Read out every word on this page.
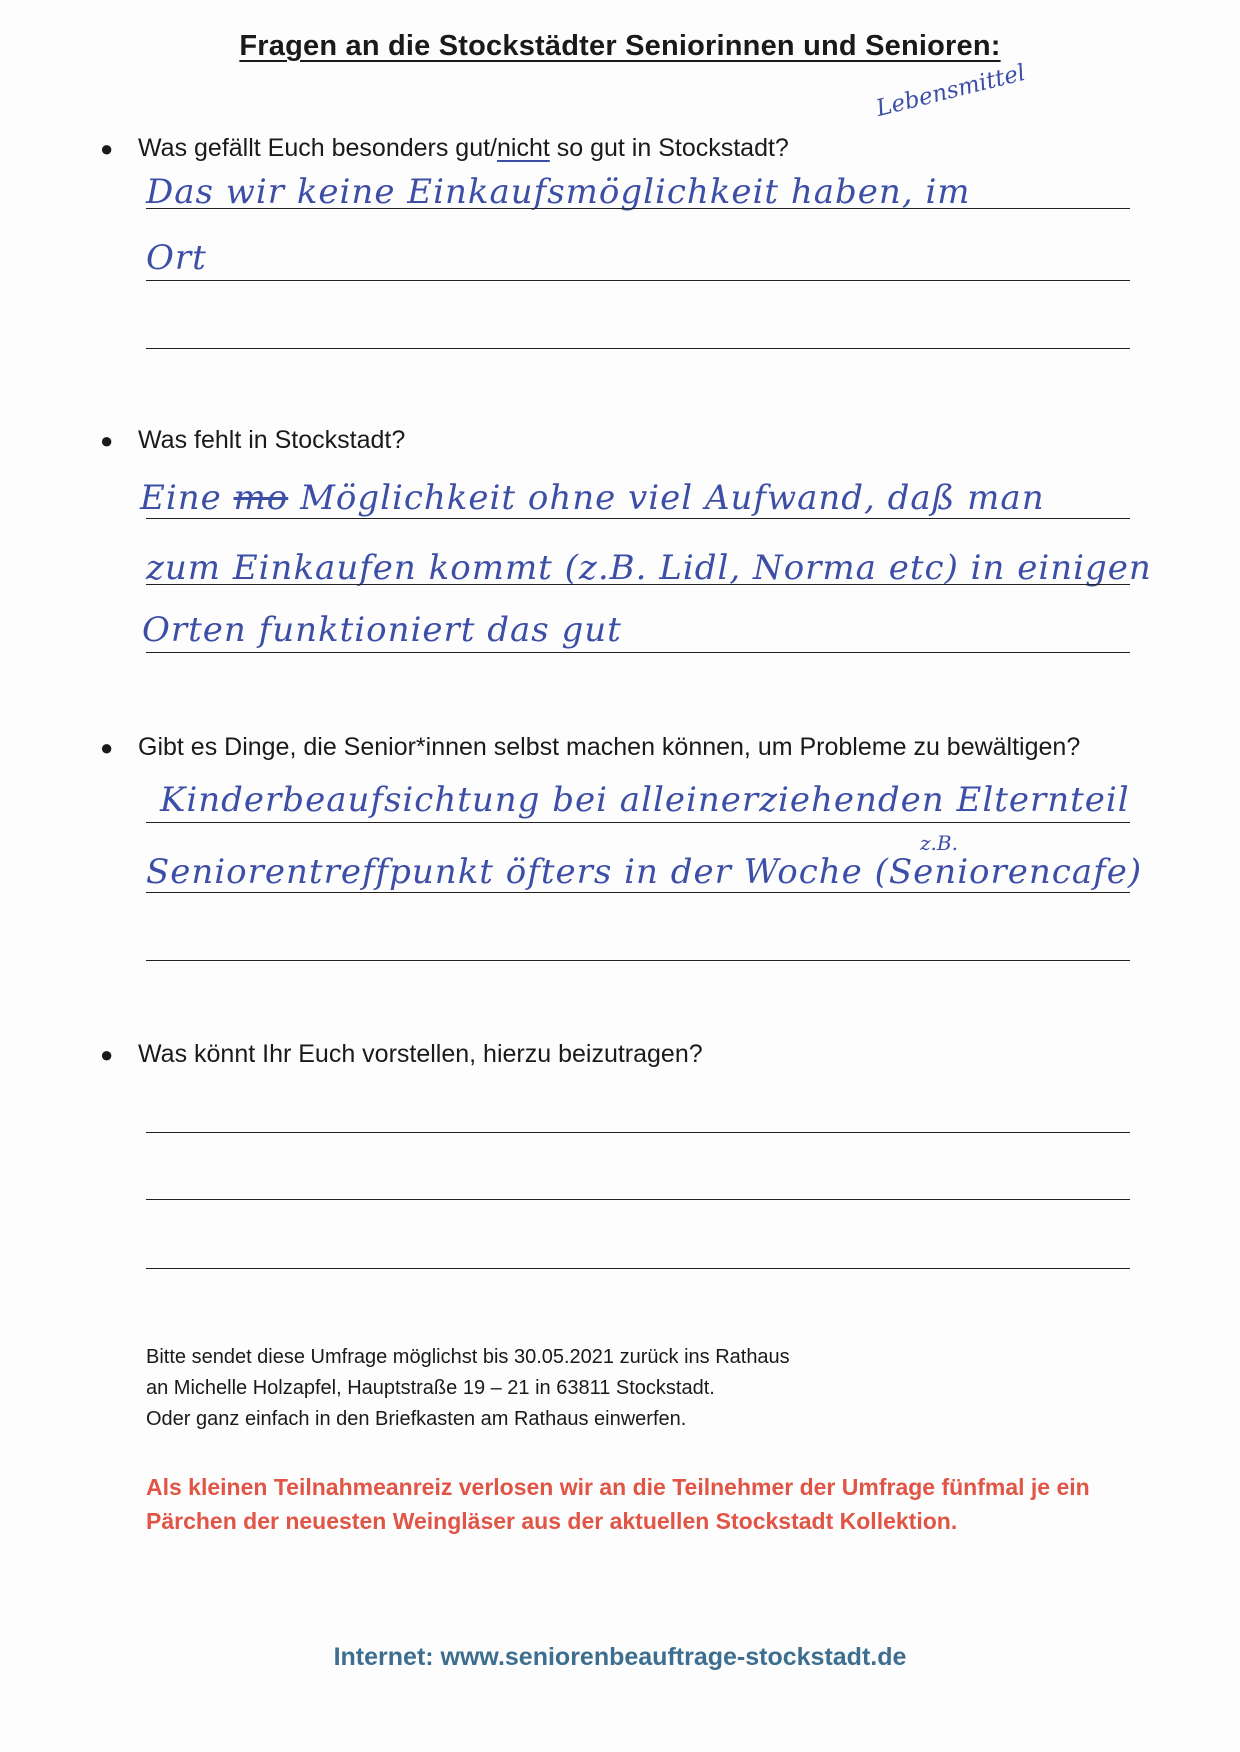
Fragen an die Stockstädter Seniorinnen und Senioren:
● Was gefällt Euch besonders gut/nicht so gut in Stockstadt?
Lebensmittel
Das wir keine Einkaufsmöglichkeit haben, im
Ort
● Was fehlt in Stockstadt?
Eine mo Möglichkeit ohne viel Aufwand, daß man
zum Einkaufen kommt (z.B. Lidl, Norma etc) in einigen
Orten funktioniert das gut
● Gibt es Dinge, die Senior*innen selbst machen können, um Probleme zu bewältigen?
Kinderbeaufsichtung bei alleinerziehenden Elternteil
z.B.
Seniorentreffpunkt öfters in der Woche (Seniorencafe)
● Was könnt Ihr Euch vorstellen, hierzu beizutragen?
Bitte sendet diese Umfrage möglichst bis 30.05.2021 zurück ins Rathaus
an Michelle Holzapfel, Hauptstraße 19 – 21 in 63811 Stockstadt.
Oder ganz einfach in den Briefkasten am Rathaus einwerfen.
Als kleinen Teilnahmeanreiz verlosen wir an die Teilnehmer der Umfrage fünfmal je ein Pärchen der neuesten Weingläser aus der aktuellen Stockstadt Kollektion.
Internet: www.seniorenbeauftrage-stockstadt.de
